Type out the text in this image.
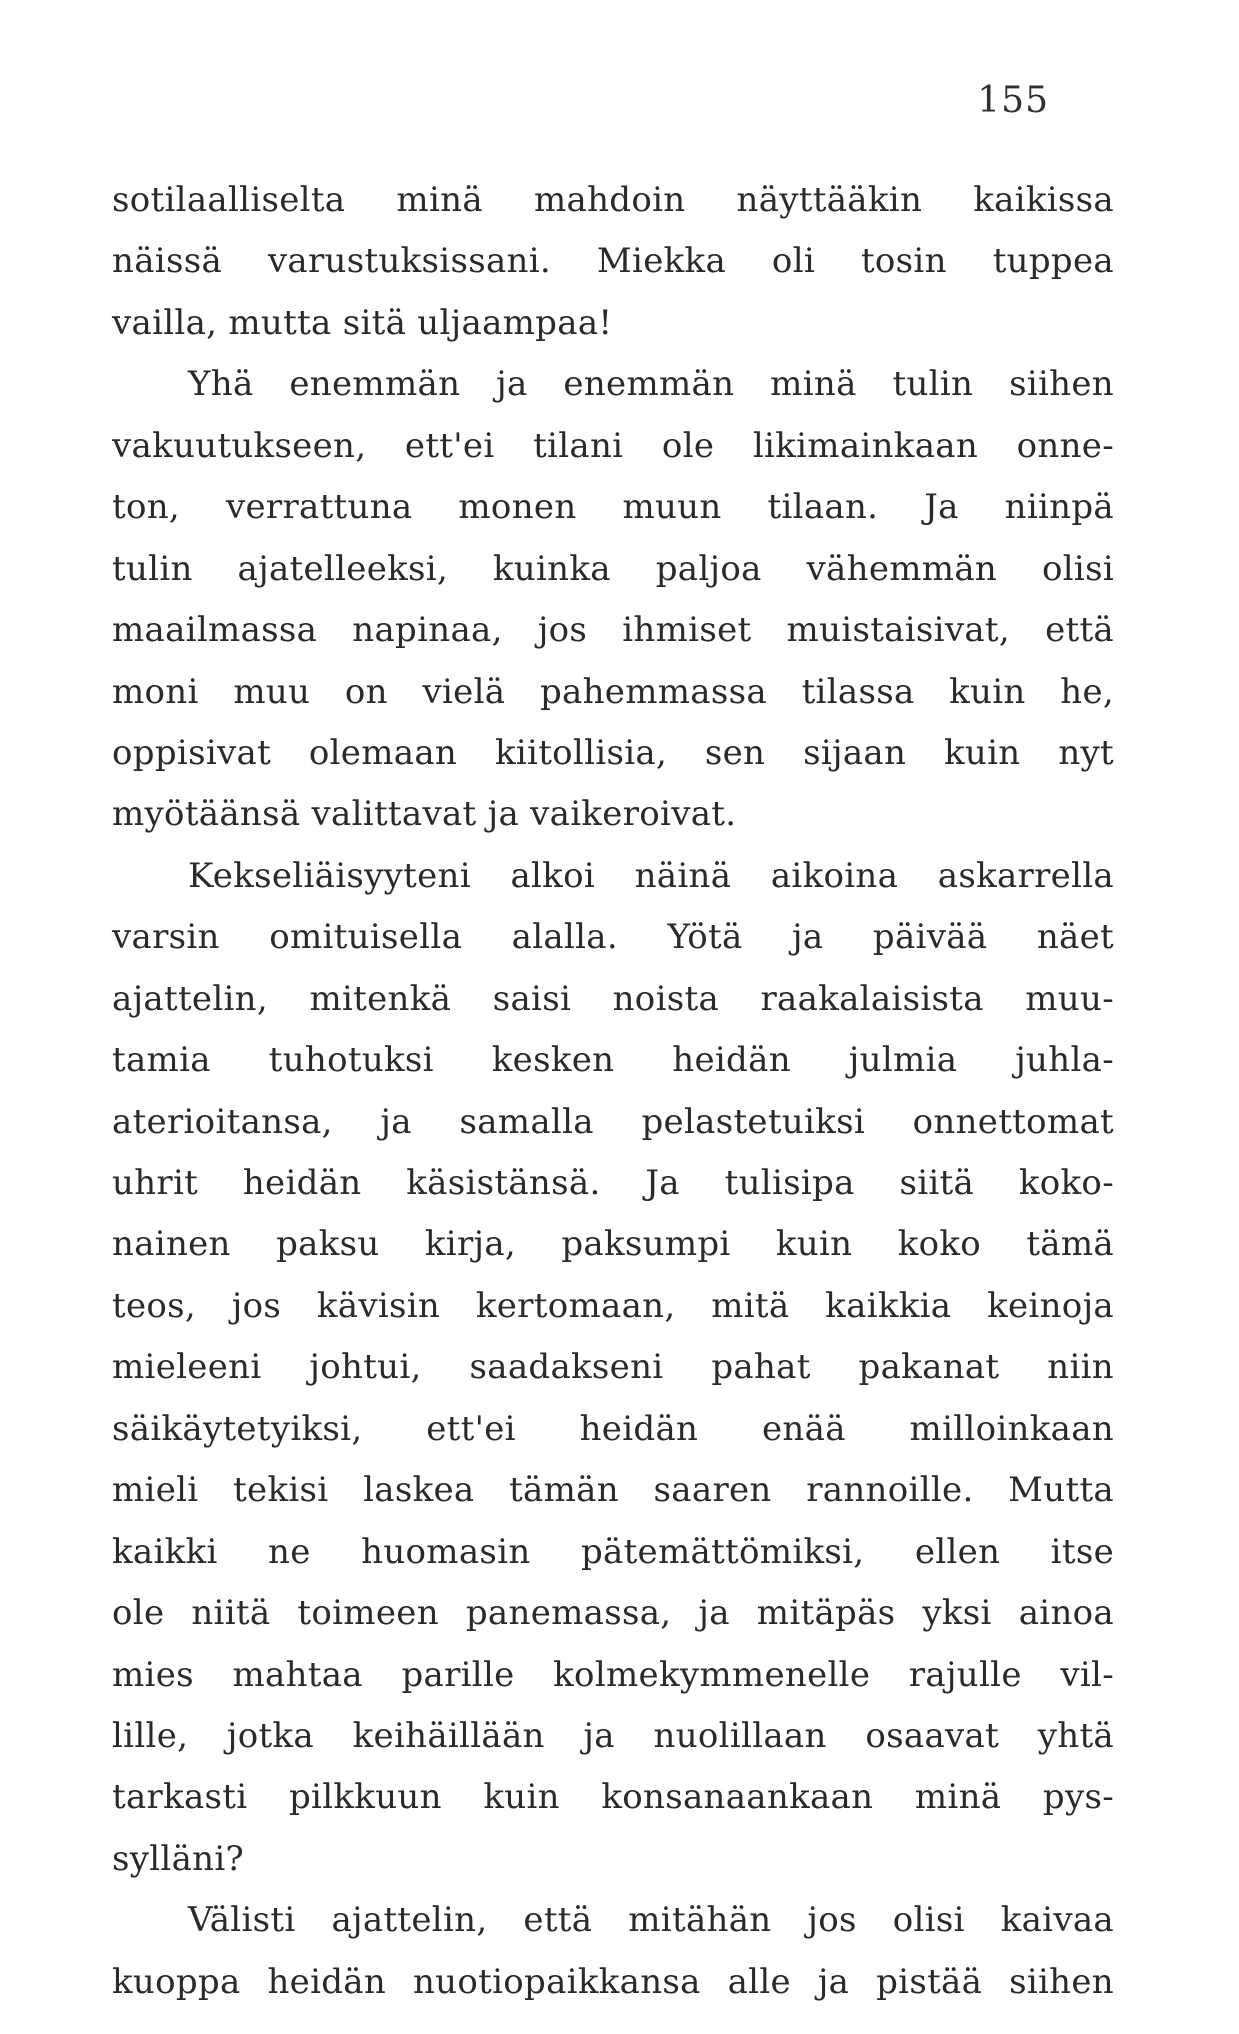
155
sotilaalliselta minä mahdoin näyttääkin kaikissa
näissä varustuksissani. Miekka oli tosin tuppea
vailla, mutta sitä uljaampaa!
Yhä enemmän ja enemmän minä tulin siihen
vakuutukseen, ett'ei tilani ole likimainkaan onne-
ton, verrattuna monen muun tilaan. Ja niinpä
tulin ajatelleeksi, kuinka paljoa vähemmän olisi
maailmassa napinaa, jos ihmiset muistaisivat, että
moni muu on vielä pahemmassa tilassa kuin he,
oppisivat olemaan kiitollisia, sen sijaan kuin nyt
myötäänsä valittavat ja vaikeroivat.
Kekseliäisyyteni alkoi näinä aikoina askarrella
varsin omituisella alalla. Yötä ja päivää näet
ajattelin, mitenkä saisi noista raakalaisista muu-
tamia tuhotuksi kesken heidän julmia juhla-
aterioitansa, ja samalla pelastetuiksi onnettomat
uhrit heidän käsistänsä. Ja tulisipa siitä koko-
nainen paksu kirja, paksumpi kuin koko tämä
teos, jos kävisin kertomaan, mitä kaikkia keinoja
mieleeni johtui, saadakseni pahat pakanat niin
säikäytetyiksi, ett'ei heidän enää milloinkaan
mieli tekisi laskea tämän saaren rannoille. Mutta
kaikki ne huomasin pätemättömiksi, ellen itse
ole niitä toimeen panemassa, ja mitäpäs yksi ainoa
mies mahtaa parille kolmekymmenelle rajulle vil-
lille, jotka keihäillään ja nuolillaan osaavat yhtä
tarkasti pilkkuun kuin konsanaankaan minä pys-
sylläni?
Välisti ajattelin, että mitähän jos olisi kaivaa
kuoppa heidän nuotiopaikkansa alle ja pistää siihen
